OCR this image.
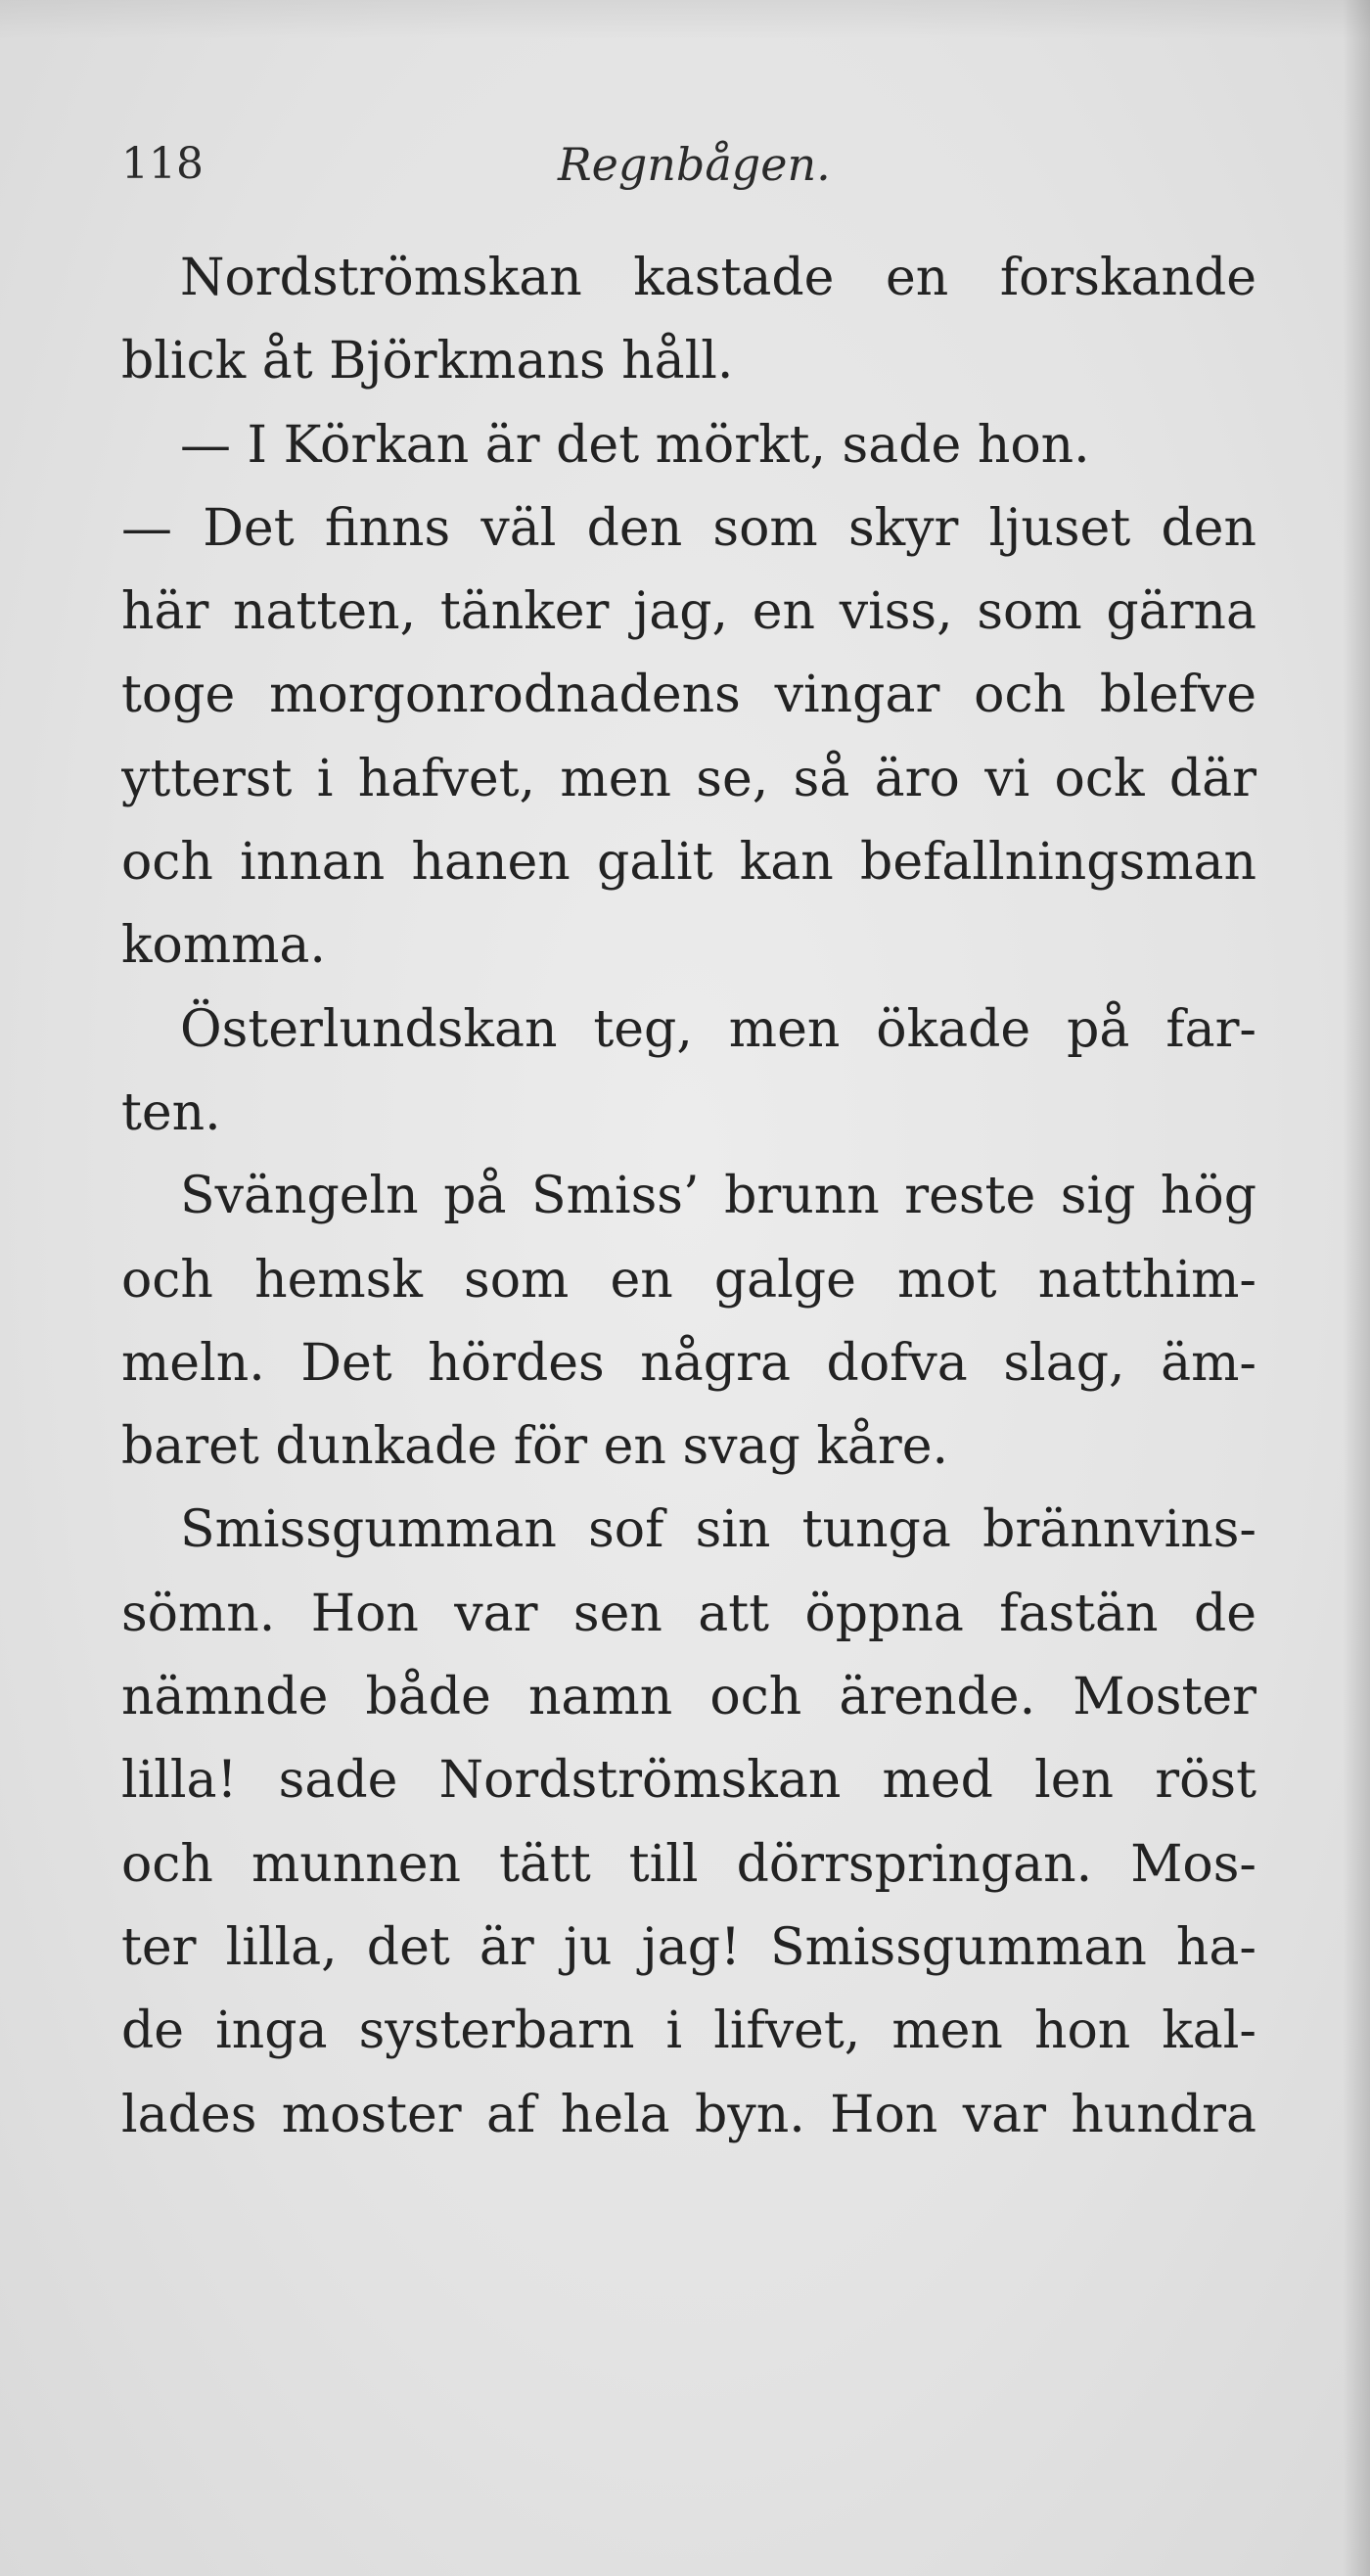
118	Regnbågen.
Nordströmskan kastade en forskande
blick åt Björkmans håll.
— I Körkan är det mörkt, sade hon.
— Det finns väl den som skyr ljuset den
här natten, tänker jag, en viss, som gärna
toge morgonrodnadens vingar och blefve
ytterst i hafvet, men se, så äro vi ock där
och innan hanen galit kan befallningsman
komma.
Österlundskan teg, men ökade på far-
ten.
Svängeln på Smiss’ brunn reste sig hög
och hemsk som en galge mot natthim-
meln. Det hördes några dofva slag, äm-
baret dunkade för en svag kåre.
Smissgumman sof sin tunga brännvins-
sömn. Hon var sen att öppna fastän de
nämnde både namn och ärende. Moster
lilla! sade Nordströmskan med len röst
och munnen tätt till dörrspringan. Mos-
ter lilla, det är ju jag! Smissgumman ha-
de inga systerbarn i lifvet, men hon kal-
lades moster af hela byn. Hon var hundra
